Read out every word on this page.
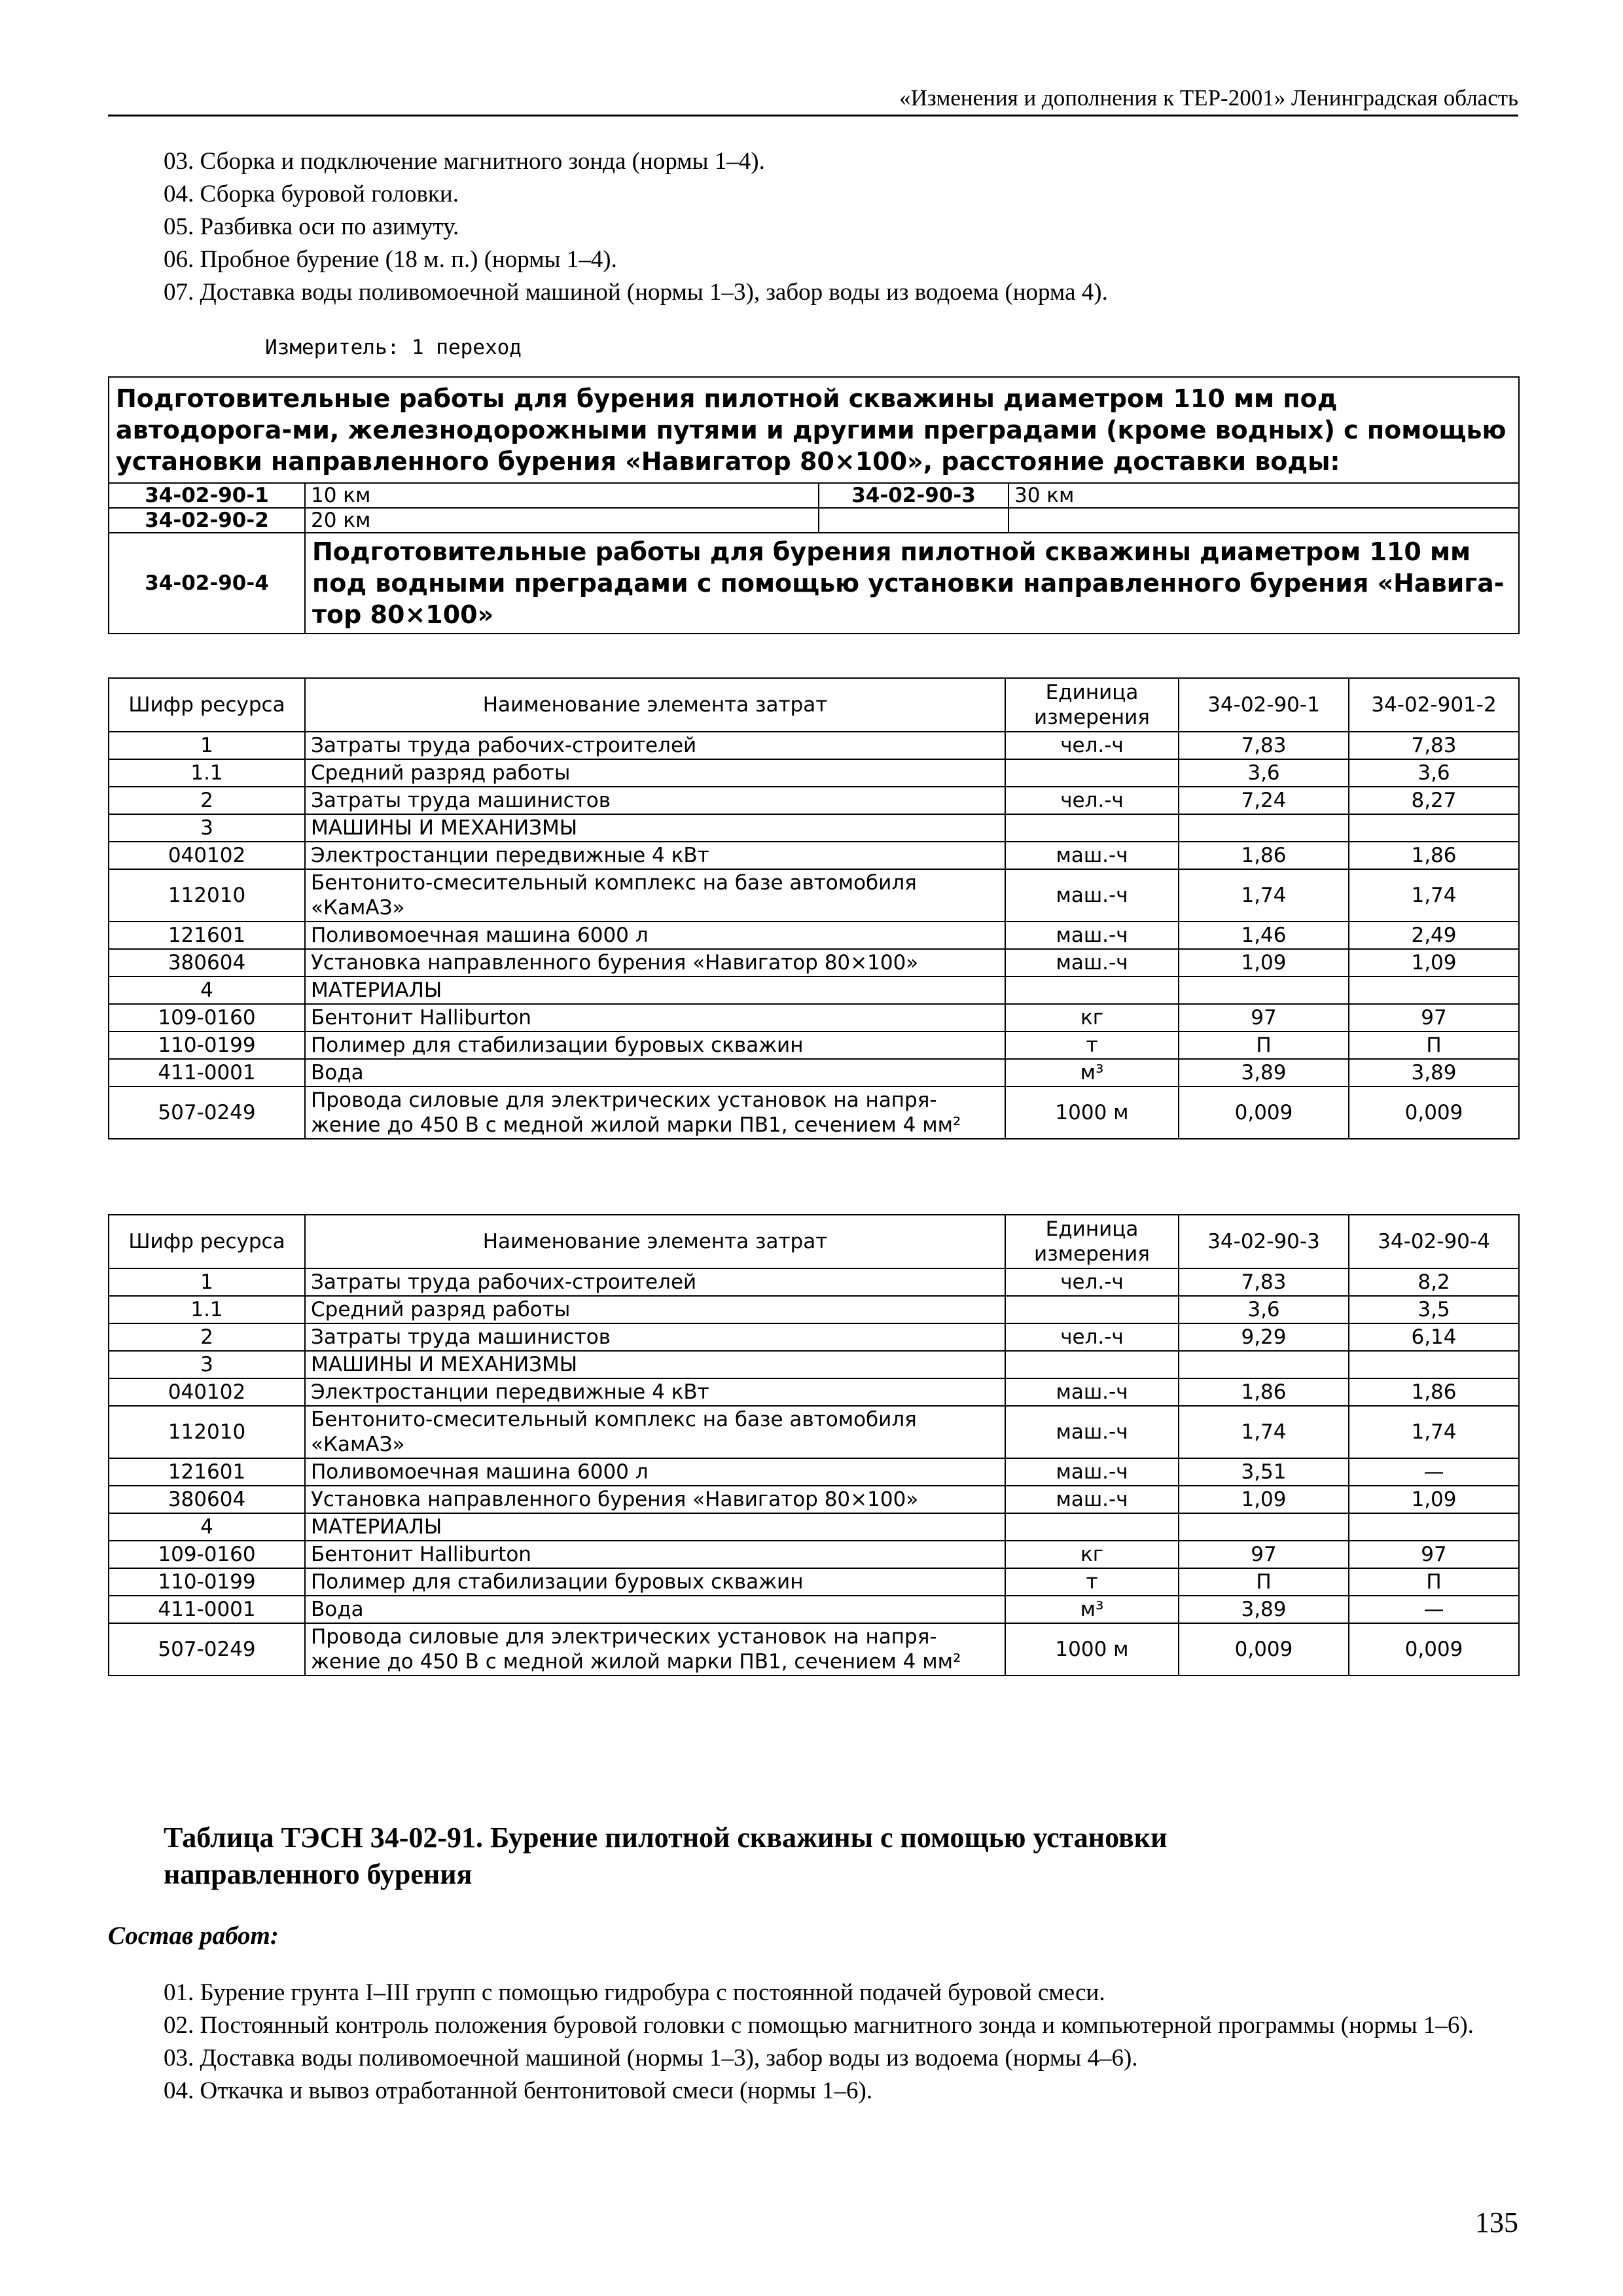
«Изменения и дополнения к ТЕР-2001» Ленинградская область
03. Сборка и подключение магнитного зонда (нормы 1–4).
04. Сборка буровой головки.
05. Разбивка оси по азимуту.
06. Пробное бурение (18 м. п.) (нормы 1–4).
07. Доставка воды поливомоечной машиной (нормы 1–3), забор воды из водоема (норма 4).
Измеритель: 1 переход
Подготовительные работы для бурения пилотной скважины диаметром 110 мм под автодорога-ми, железнодорожными путями и другими преградами (кроме водных) с помощью установки направленного бурения «Навигатор 80×100», расстояние доставки воды:			
34-02-90-1	10 км	34-02-90-3	30 км
34-02-90-2	20 км		
34-02-90-4	Подготовительные работы для бурения пилотной скважины диаметром 110 мм под водными преградами с помощью установки направленного бурения «Навига-тор 80×100»		
Шифр ресурса	Наименование элемента затрат	Единица измерения	34-02-90-1	34-02-901-2
1	Затраты труда рабочих-строителей	чел.-ч	7,83	7,83
1.1	Средний разряд работы		3,6	3,6
2	Затраты труда машинистов	чел.-ч	7,24	8,27
3	МАШИНЫ И МЕХАНИЗМЫ			
040102	Электростанции передвижные 4 кВт	маш.-ч	1,86	1,86
112010	Бентонито-смесительный комплекс на базе автомобиля «КамАЗ»	маш.-ч	1,74	1,74
121601	Поливомоечная машина 6000 л	маш.-ч	1,46	2,49
380604	Установка направленного бурения «Навигатор 80×100»	маш.-ч	1,09	1,09
4	МАТЕРИАЛЫ			
109-0160	Бентонит Halliburton	кг	97	97
110-0199	Полимер для стабилизации буровых скважин	т	П	П
411-0001	Вода	м³	3,89	3,89
507-0249	Провода силовые для электрических установок на напря-жение до 450 В с медной жилой марки ПВ1, сечением 4 мм²	1000 м	0,009	0,009
Шифр ресурса	Наименование элемента затрат	Единица измерения	34-02-90-3	34-02-90-4
1	Затраты труда рабочих-строителей	чел.-ч	7,83	8,2
1.1	Средний разряд работы		3,6	3,5
2	Затраты труда машинистов	чел.-ч	9,29	6,14
3	МАШИНЫ И МЕХАНИЗМЫ			
040102	Электростанции передвижные 4 кВт	маш.-ч	1,86	1,86
112010	Бентонито-смесительный комплекс на базе автомобиля «КамАЗ»	маш.-ч	1,74	1,74
121601	Поливомоечная машина 6000 л	маш.-ч	3,51	—
380604	Установка направленного бурения «Навигатор 80×100»	маш.-ч	1,09	1,09
4	МАТЕРИАЛЫ			
109-0160	Бентонит Halliburton	кг	97	97
110-0199	Полимер для стабилизации буровых скважин	т	П	П
411-0001	Вода	м³	3,89	—
507-0249	Провода силовые для электрических установок на напря-жение до 450 В с медной жилой марки ПВ1, сечением 4 мм²	1000 м	0,009	0,009
Таблица ТЭСН 34-02-91. Бурение пилотной скважины с помощью установки
направленного бурения
Состав работ:
01. Бурение грунта I–III групп с помощью гидробура с постоянной подачей буровой смеси.
02. Постоянный контроль положения буровой головки с помощью магнитного зонда и компьютерной программы (нормы 1–6).
03. Доставка воды поливомоечной машиной (нормы 1–3), забор воды из водоема (нормы 4–6).
04. Откачка и вывоз отработанной бентонитовой смеси (нормы 1–6).
135
